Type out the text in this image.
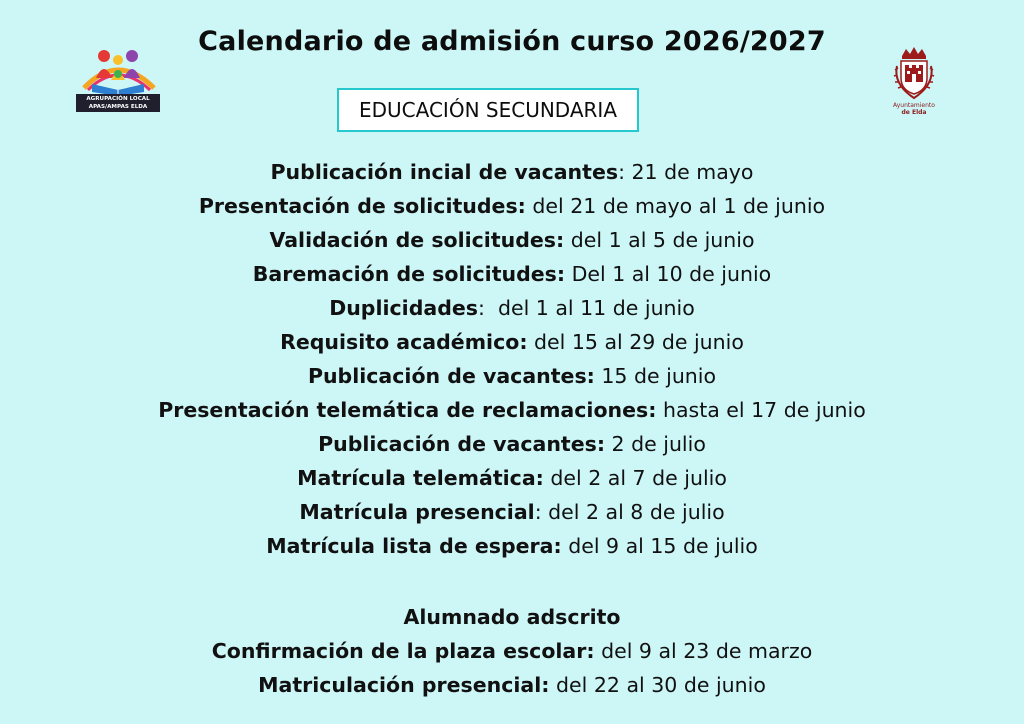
Calendario de admisión curso 2026/2027
AGRUPACIÓN LOCAL
APAS/AMPAS ELDA	Ayuntamiento
de Elda
EDUCACIÓN SECUNDARIA
Publicación incial de vacantes: 21 de mayo
Presentación de solicitudes: del 21 de mayo al 1 de junio
Validación de solicitudes: del 1 al 5 de junio
Baremación de solicitudes: Del 1 al 10 de junio
Duplicidades:  del 1 al 11 de junio
Requisito académico: del 15 al 29 de junio
Publicación de vacantes: 15 de junio
Presentación telemática de reclamaciones: hasta el 17 de junio
Publicación de vacantes: 2 de julio
Matrícula telemática: del 2 al 7 de julio
Matrícula presencial: del 2 al 8 de julio
Matrícula lista de espera: del 9 al 15 de julio
Alumnado adscrito
Confirmación de la plaza escolar: del 9 al 23 de marzo
Matriculación presencial: del 22 al 30 de junio
